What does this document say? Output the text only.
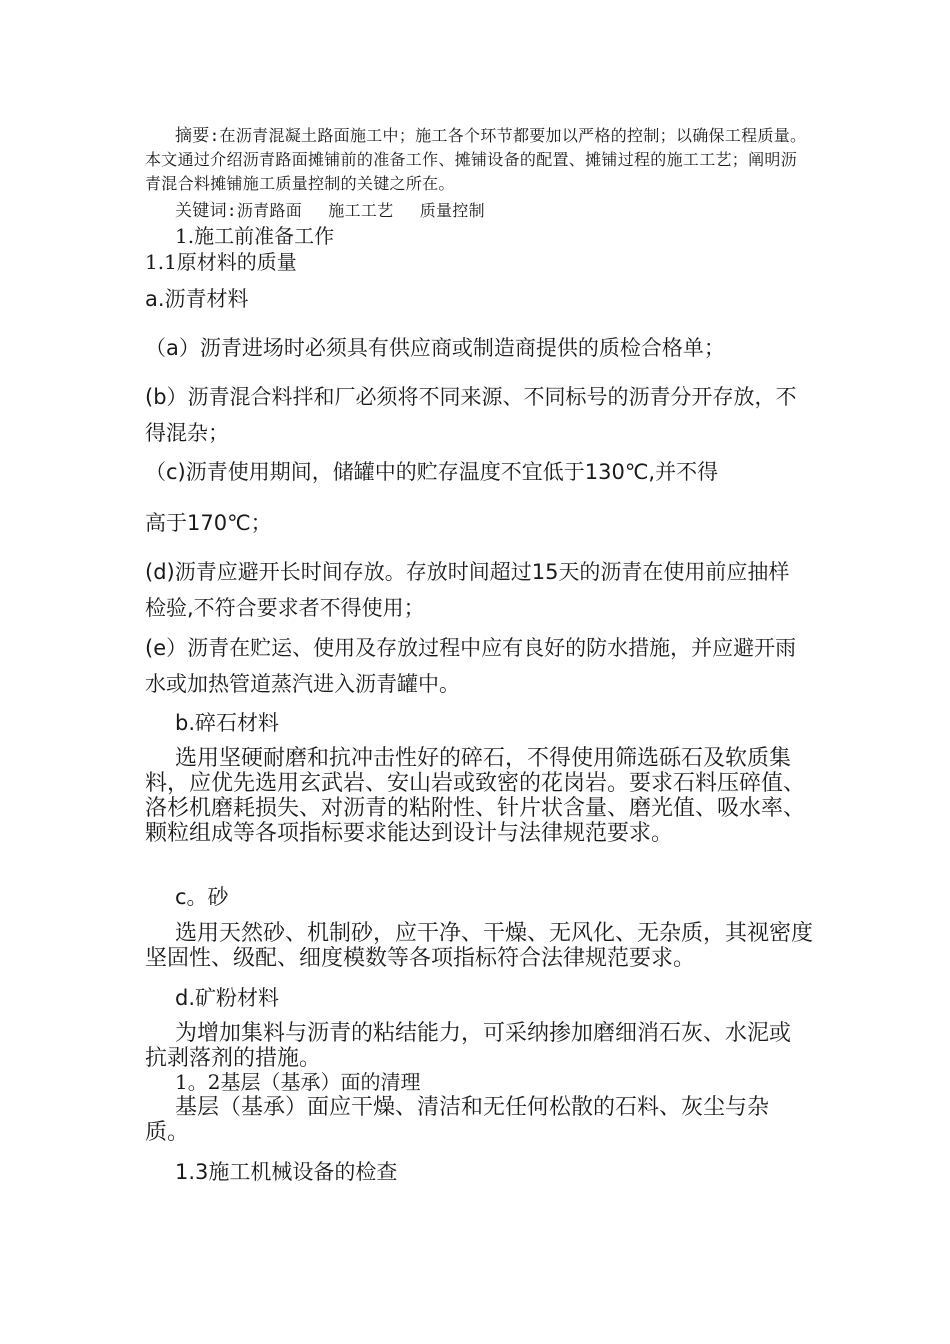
摘要:在沥青混凝土路面施工中；施工各个环节都要加以严格的控制；以确保工程质量。本文通过介绍沥青路面摊铺前的准备工作、摊铺设备的配置、摊铺过程的施工工艺；阐明沥青混合料摊铺施工质量控制的关键之所在。

关键词:沥青路面　 施工工艺 　质量控制

1.施工前准备工作

1.1原材料的质量

a.沥青材料

（a）沥青进场时必须具有供应商或制造商提供的质检合格单；

(b）沥青混合料拌和厂必须将不同来源、不同标号的沥青分开存放，不得混杂；

（c)沥青使用期间，储罐中的贮存温度不宜低于130℃,并不得

高于170℃；

(d)沥青应避开长时间存放。存放时间超过15天的沥青在使用前应抽样检验,不符合要求者不得使用；

(e）沥青在贮运、使用及存放过程中应有良好的防水措施，并应避开雨水或加热管道蒸汽进入沥青罐中。

b.碎石材料

选用坚硬耐磨和抗冲击性好的碎石，不得使用筛选砾石及软质集料，应优先选用玄武岩、安山岩或致密的花岗岩。要求石料压碎值、洛杉机磨耗损失、对沥青的粘附性、针片状含量、磨光值、吸水率、颗粒组成等各项指标要求能达到设计与法律规范要求。

c。砂

选用天然砂、机制砂，应干净、干燥、无风化、无杂质，其视密度坚固性、级配、细度模数等各项指标符合法律规范要求。

d.矿粉材料

为增加集料与沥青的粘结能力，可采纳掺加磨细消石灰、水泥或抗剥落剂的措施。

1。2基层（基承）面的清理

基层（基承）面应干燥、清洁和无任何松散的石料、灰尘与杂质。

1.3施工机械设备的检查
